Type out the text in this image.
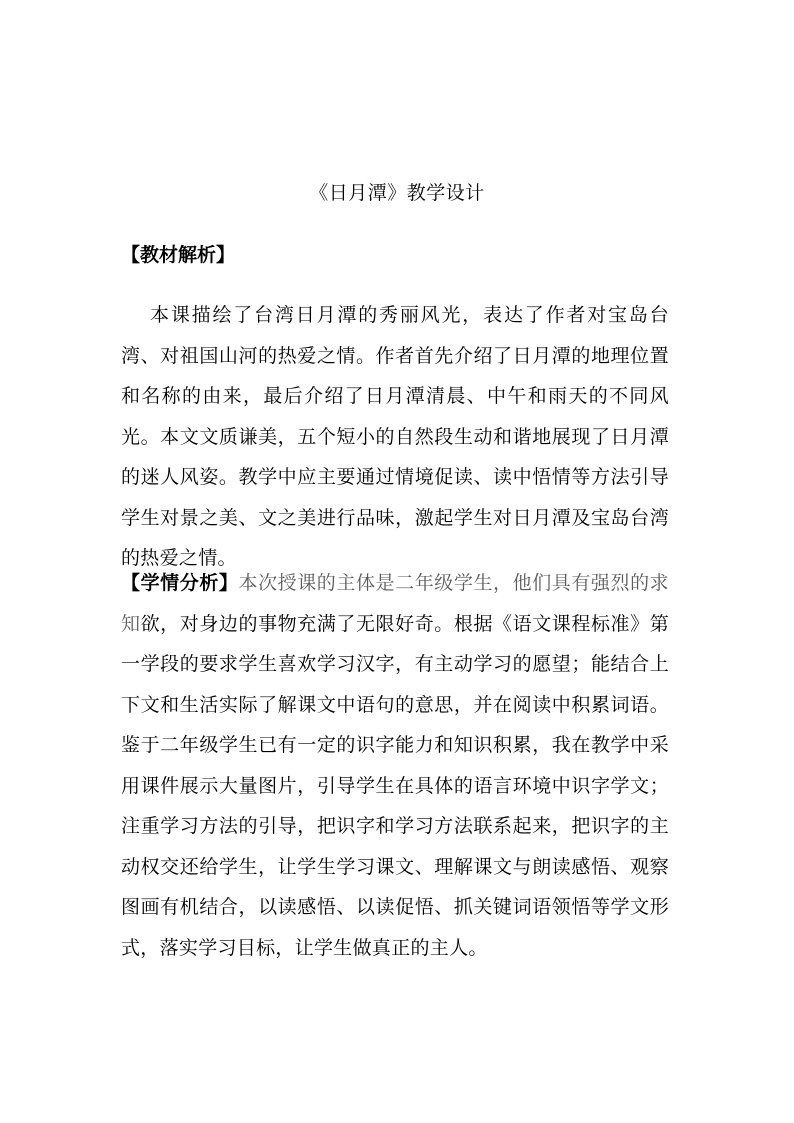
《日月潭》教学设计
【教材解析】

本课描绘了台湾日月潭的秀丽风光，表达了作者对宝岛台湾、对祖国山河的热爱之情。作者首先介绍了日月潭的地理位置和名称的由来，最后介绍了日月潭清晨、中午和雨天的不同风光。本文文质谦美，五个短小的自然段生动和谐地展现了日月潭的迷人风姿。教学中应主要通过情境促读、读中悟情等方法引导学生对景之美、文之美进行品味，激起学生对日月潭及宝岛台湾的热爱之情。

【学情分析】本次授课的主体是二年级学生，他们具有强烈的求知欲，对身边的事物充满了无限好奇。根据《语文课程标准》第一学段的要求学生喜欢学习汉字，有主动学习的愿望；能结合上下文和生活实际了解课文中语句的意思，并在阅读中积累词语。鉴于二年级学生已有一定的识字能力和知识积累，我在教学中采用课件展示大量图片，引导学生在具体的语言环境中识字学文；注重学习方法的引导，把识字和学习方法联系起来，把识字的主动权交还给学生，让学生学习课文、理解课文与朗读感悟、观察图画有机结合，以读感悟、以读促悟、抓关键词语领悟等学文形式，落实学习目标，让学生做真正的主人。
